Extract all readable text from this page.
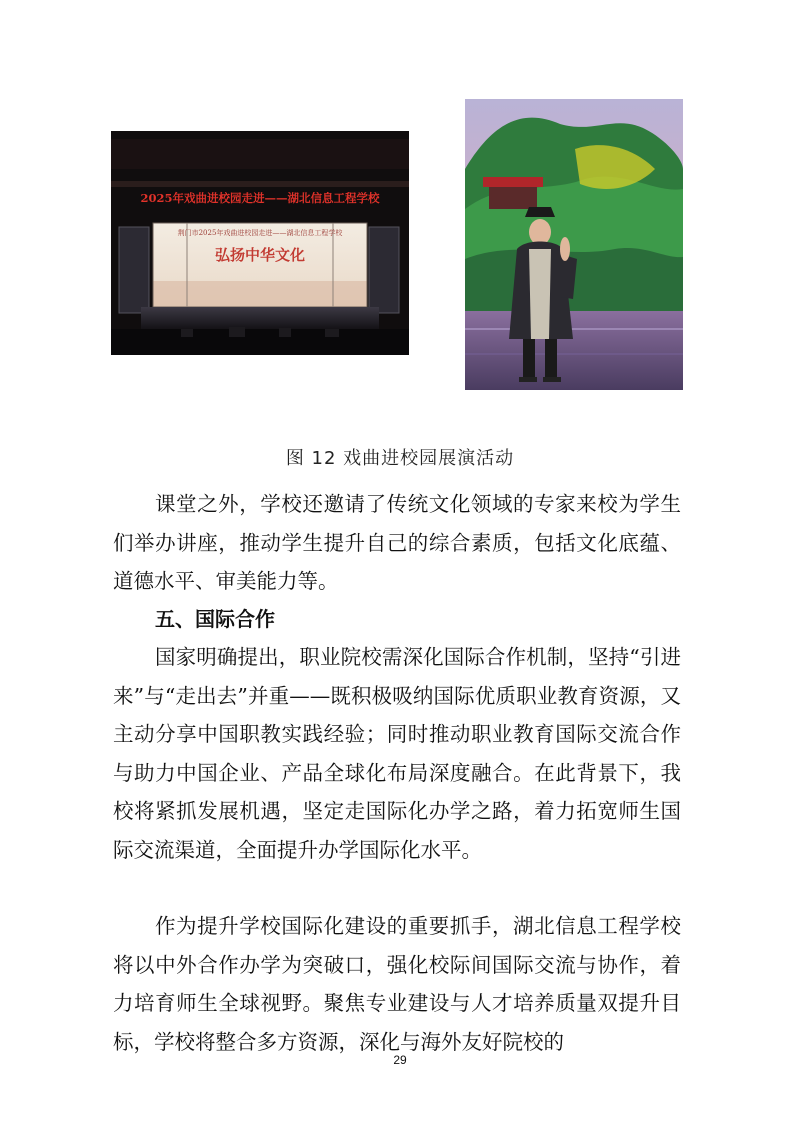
2025年戏曲进校园走进——湖北信息工程学校
荆门市2025年戏曲进校园走进——湖北信息工程学校
弘扬中华文化
图 12 戏曲进校园展演活动

课堂之外，学校还邀请了传统文化领域的专家来校为学生们举办讲座，推动学生提升自己的综合素质，包括文化底蕴、道德水平、审美能力等。

五、国际合作

国家明确提出，职业院校需深化国际合作机制，坚持“引进来”与“走出去”并重——既积极吸纳国际优质职业教育资源，又主动分享中国职教实践经验；同时推动职业教育国际交流合作与助力中国企业、产品全球化布局深度融合。在此背景下，我校将紧抓发展机遇，坚定走国际化办学之路，着力拓宽师生国际交流渠道，全面提升办学国际化水平。

作为提升学校国际化建设的重要抓手，湖北信息工程学校将以中外合作办学为突破口，强化校际间国际交流与协作，着力培育师生全球视野。聚焦专业建设与人才培养质量双提升目标，学校将整合多方资源，深化与海外友好院校的

29
